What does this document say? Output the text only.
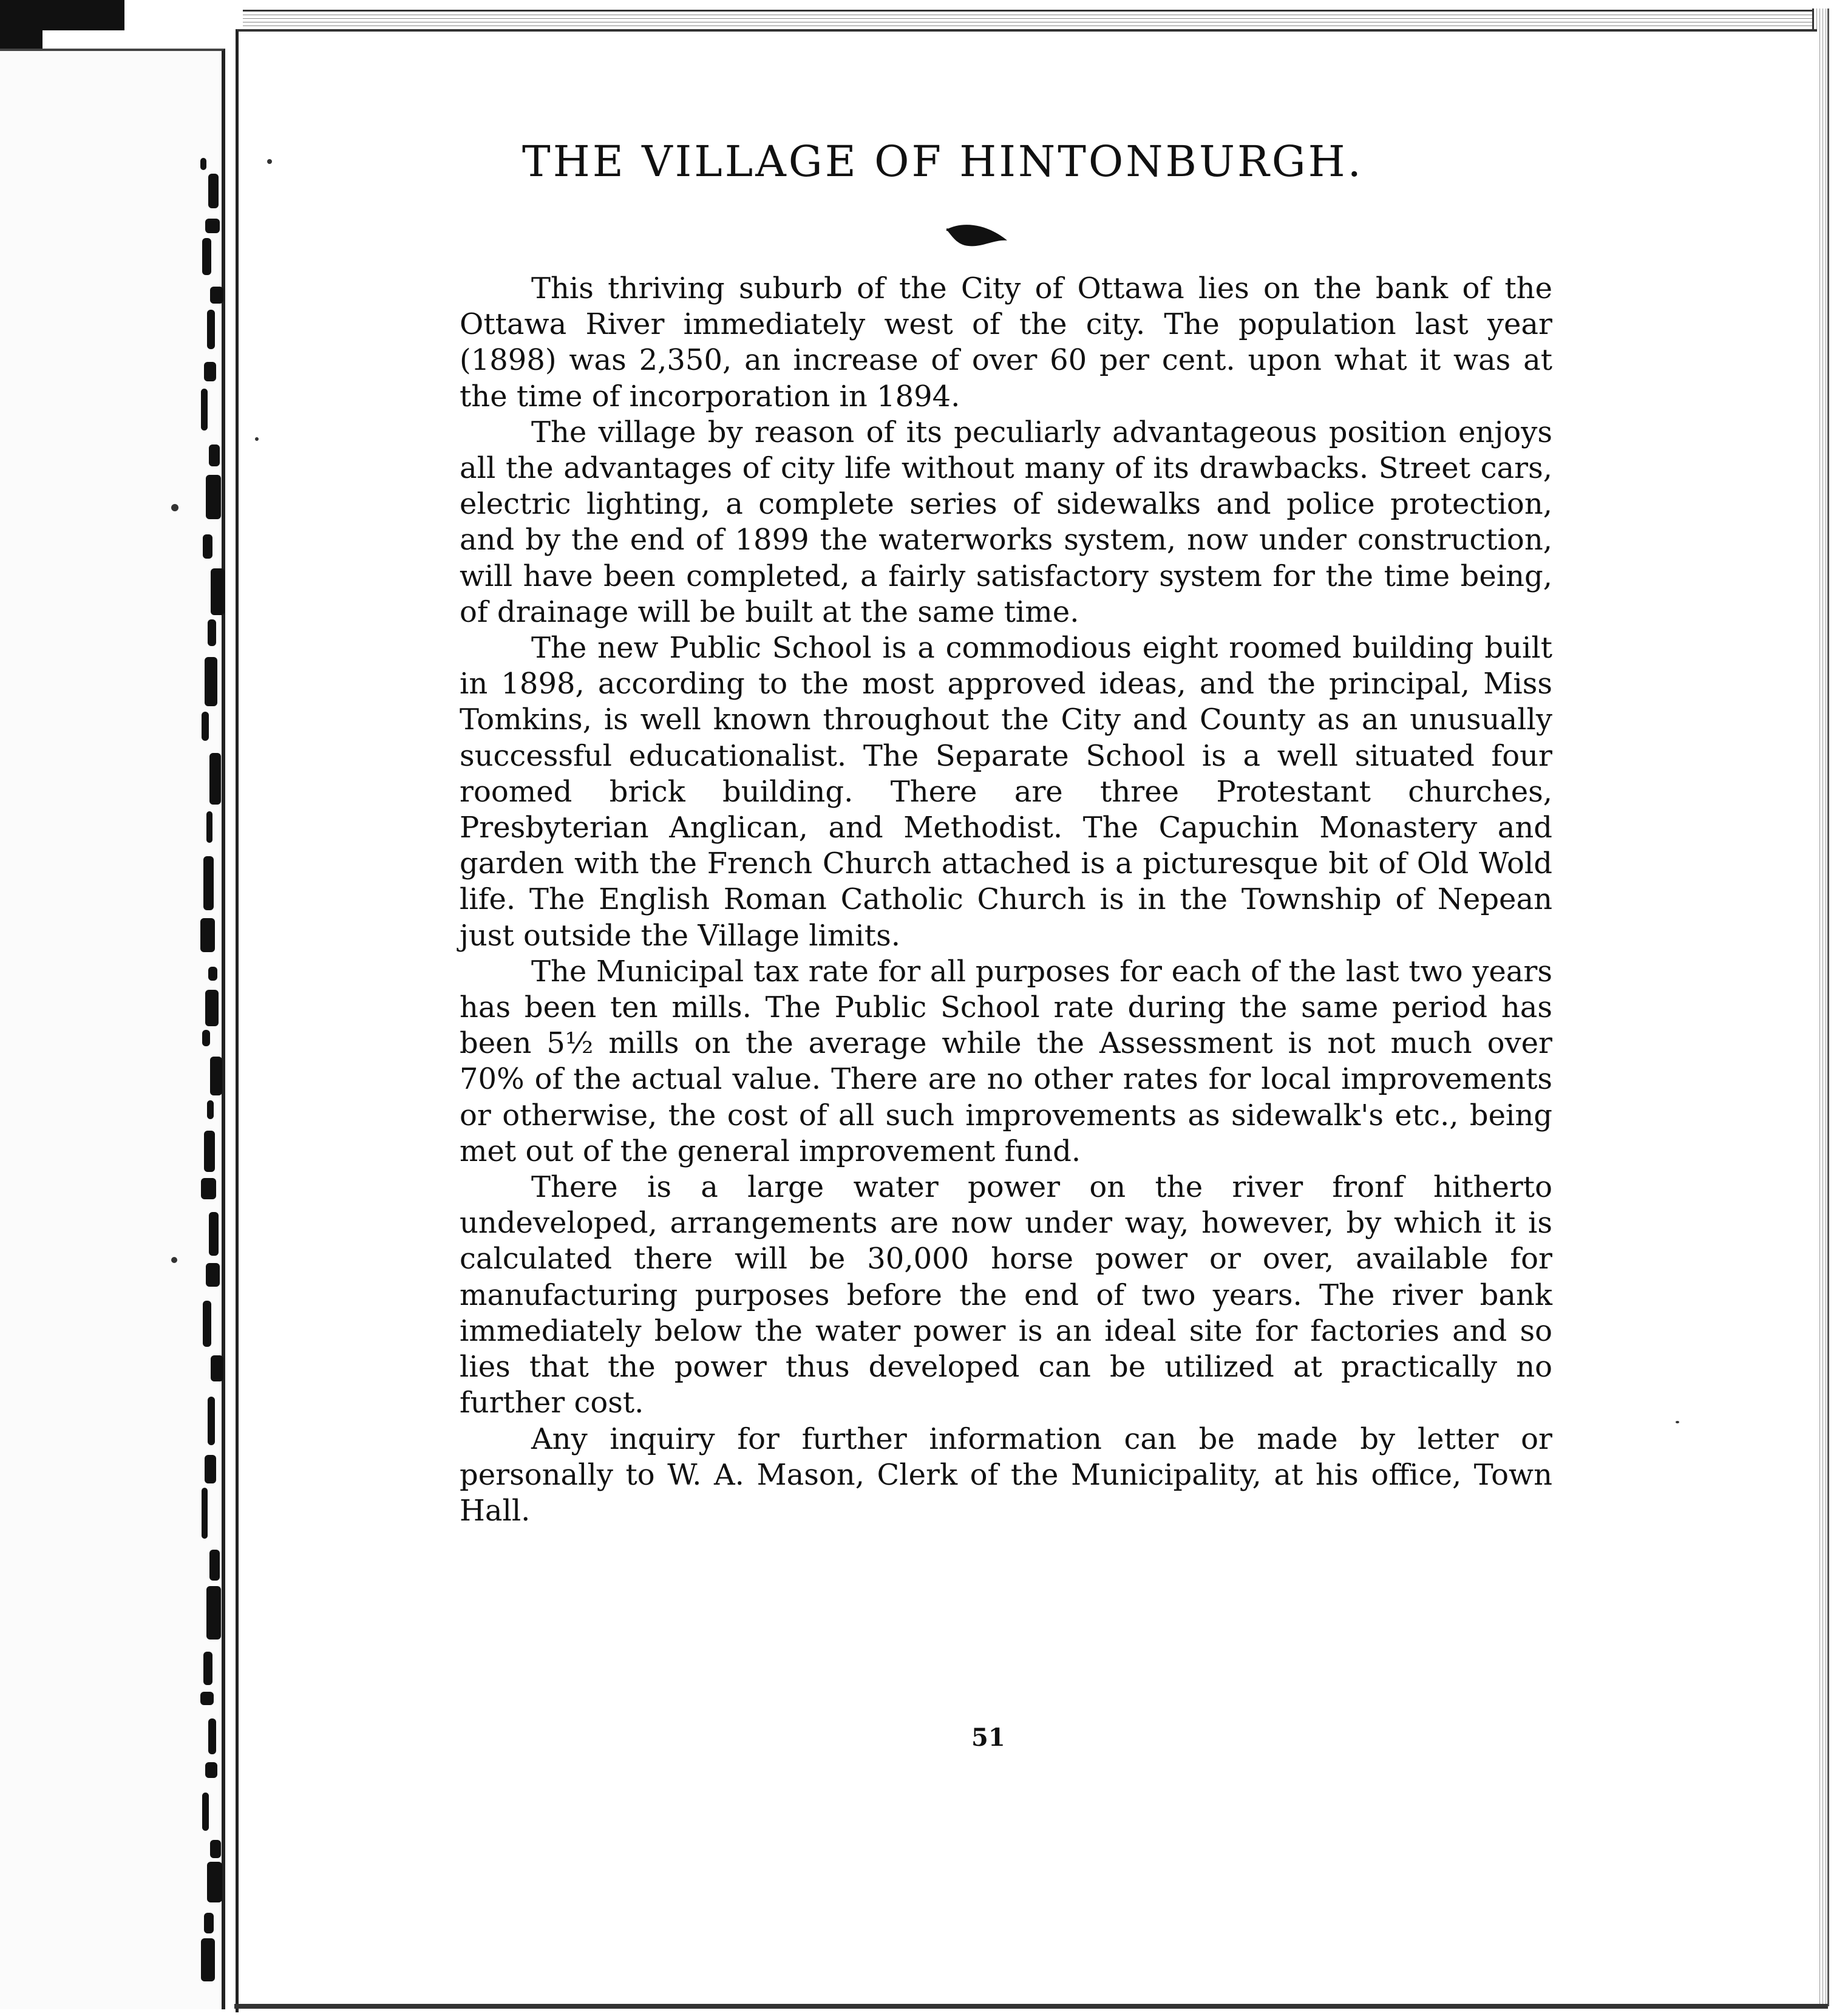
THE VILLAGE OF HINTONBURGH.

This thriving suburb of the City of Ottawa lies on the bank of the Ottawa River immediately west of the city. The population last year (1898) was 2,350, an increase of over 60 per cent. upon what it was at the time of incorporation in 1894.

The village by reason of its peculiarly advantageous position enjoys all the advantages of city life without many of its drawbacks. Street cars, electric lighting, a complete series of sidewalks and police protection, and by the end of 1899 the waterworks system, now under construction, will have been completed, a fairly satisfactory system for the time being, of drainage will be built at the same time.

The new Public School is a commodious eight roomed building built in 1898, according to the most approved ideas, and the principal, Miss Tomkins, is well known throughout the City and County as an unusually successful educationalist. The Separate School is a well situated four roomed brick building. There are three Protestant churches, Presbyterian Anglican, and Methodist. The Capuchin Monastery and garden with the French Church attached is a picturesque bit of Old Wold life. The English Roman Catholic Church is in the Township of Nepean just outside the Village limits.

The Municipal tax rate for all purposes for each of the last two years has been ten mills. The Public School rate during the same period has been 5½ mills on the average while the Assessment is not much over 70% of the actual value. There are no other rates for local improvements or otherwise, the cost of all such improvements as sidewalk's etc., being met out of the general improvement fund.

There is a large water power on the river fronf hitherto undeveloped, arrangements are now under way, however, by which it is calculated there will be 30,000 horse power or over, available for manufacturing purposes before the end of two years. The river bank immediately below the water power is an ideal site for factories and so lies that the power thus developed can be utilized at practically no further cost.

Any inquiry for further information can be made by letter or personally to W. A. Mason, Clerk of the Municipality, at his office, Town Hall.

51
